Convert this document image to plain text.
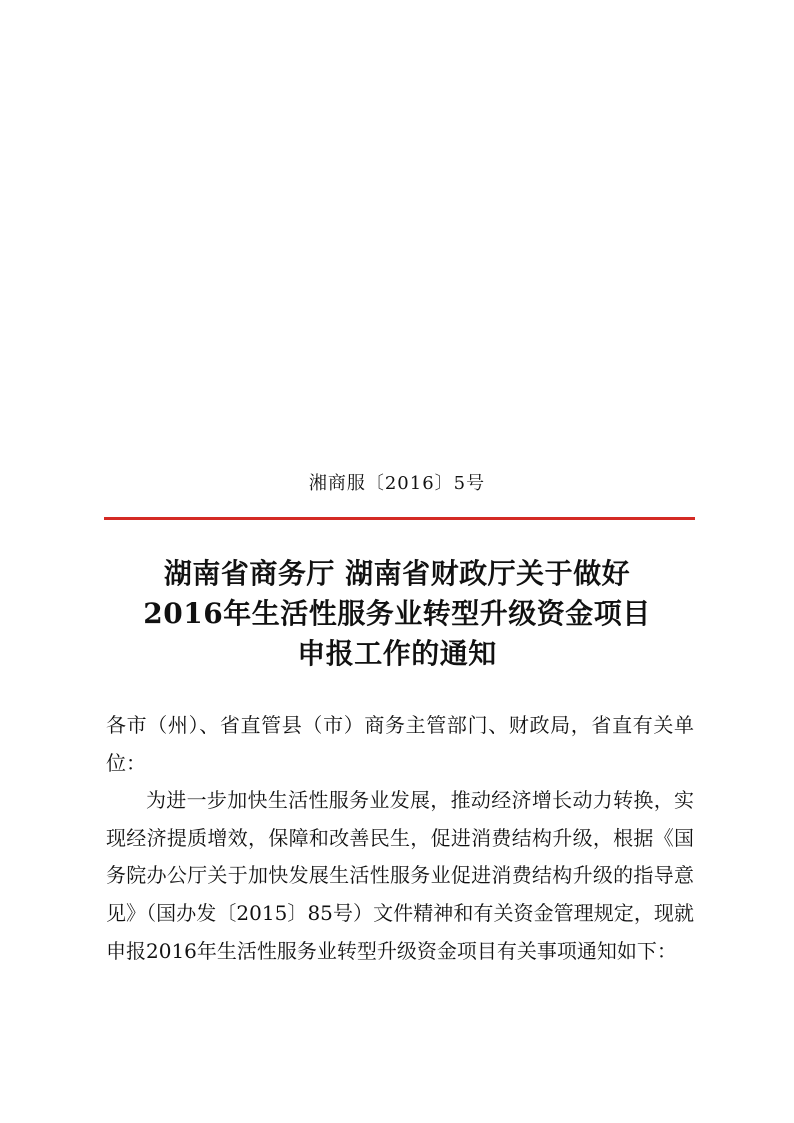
湘商服〔2016〕5号
湖南省商务厅 湖南省财政厅关于做好
2016年生活性服务业转型升级资金项目
申报工作的通知

各市（州）、省直管县（市）商务主管部门、财政局，省直有关单位：

为进一步加快生活性服务业发展，推动经济增长动力转换，实现经济提质增效，保障和改善民生，促进消费结构升级，根据《国务院办公厅关于加快发展生活性服务业促进消费结构升级的指导意见》（国办发〔2015〕85号）文件精神和有关资金管理规定，现就申报2016年生活性服务业转型升级资金项目有关事项通知如下：
